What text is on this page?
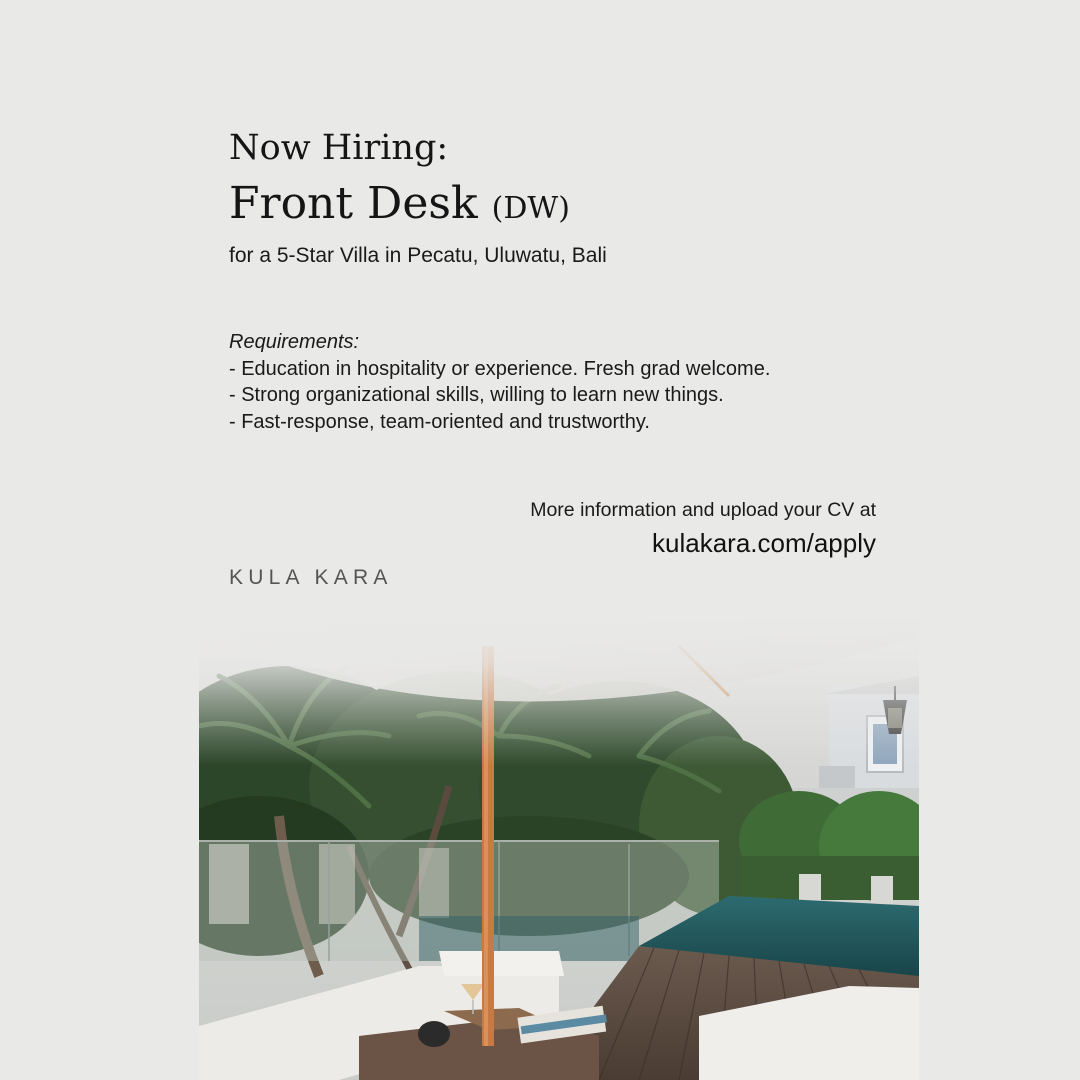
Now Hiring:
Front Desk (DW)

for a 5-Star Villa in Pecatu, Uluwatu, Bali

Requirements:
- Education in hospitality or experience. Fresh grad welcome.
- Strong organizational skills, willing to learn new things.
- Fast-response, team-oriented and trustworthy.

More information and upload your CV at
kulakara.com/apply

KULA KARA
